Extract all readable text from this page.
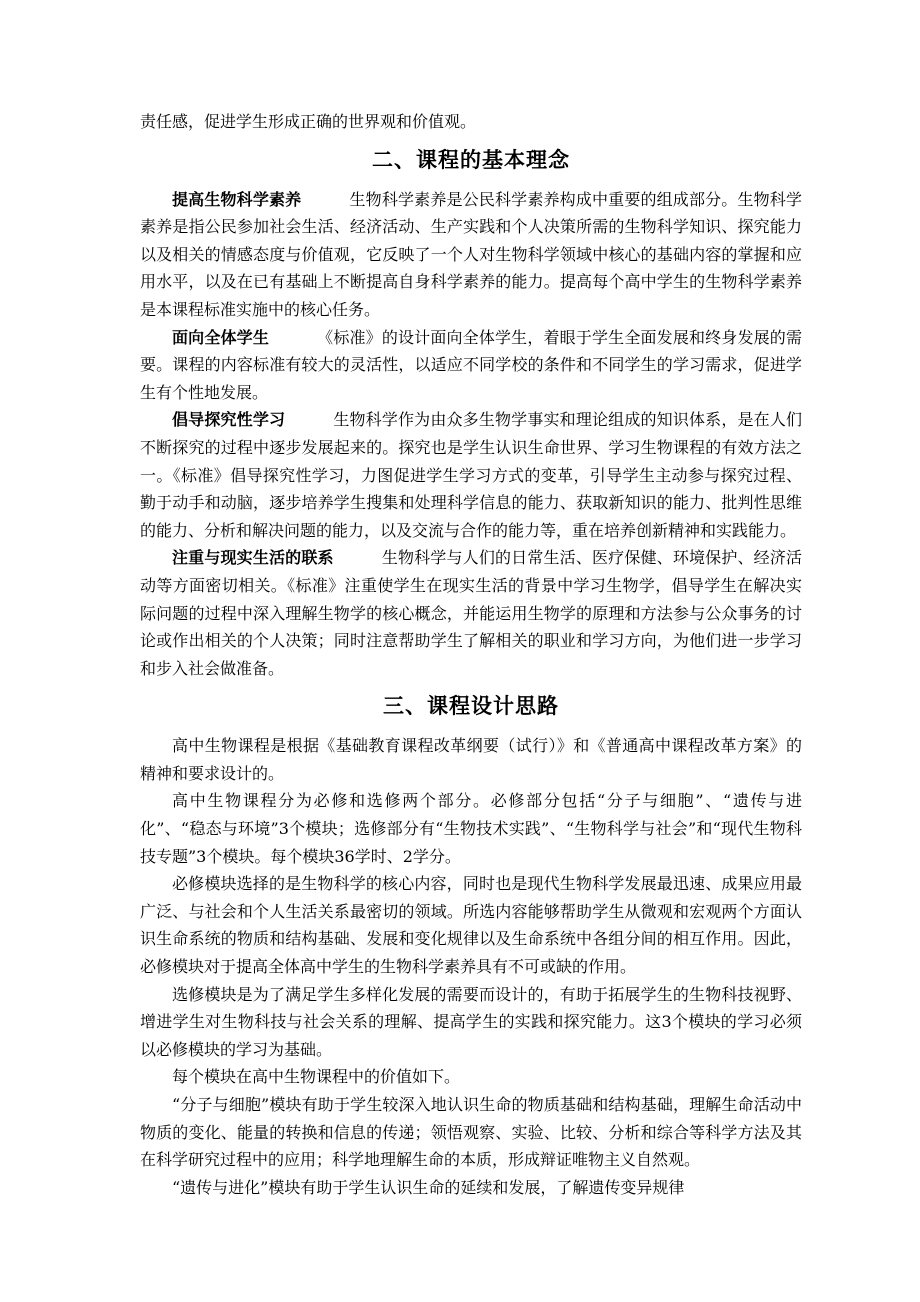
责任感，促进学生形成正确的世界观和价值观。

二、课程的基本理念

提高生物科学素养	生物科学素养是公民科学素养构成中重要的组成部分。生物科学素养是指公民参加社会生活、经济活动、生产实践和个人决策所需的生物科学知识、探究能力以及相关的情感态度与价值观，它反映了一个人对生物科学领域中核心的基础内容的掌握和应用水平，以及在已有基础上不断提高自身科学素养的能力。提高每个高中学生的生物科学素养是本课程标准实施中的核心任务。

面向全体学生	《标准》的设计面向全体学生，着眼于学生全面发展和终身发展的需要。课程的内容标准有较大的灵活性，以适应不同学校的条件和不同学生的学习需求，促进学生有个性地发展。

倡导探究性学习	生物科学作为由众多生物学事实和理论组成的知识体系，是在人们不断探究的过程中逐步发展起来的。探究也是学生认识生命世界、学习生物课程的有效方法之一。《标准》倡导探究性学习，力图促进学生学习方式的变革，引导学生主动参与探究过程、勤于动手和动脑，逐步培养学生搜集和处理科学信息的能力、获取新知识的能力、批判性思维的能力、分析和解决问题的能力，以及交流与合作的能力等，重在培养创新精神和实践能力。

注重与现实生活的联系	生物科学与人们的日常生活、医疗保健、环境保护、经济活动等方面密切相关。《标准》注重使学生在现实生活的背景中学习生物学，倡导学生在解决实际问题的过程中深入理解生物学的核心概念，并能运用生物学的原理和方法参与公众事务的讨论或作出相关的个人决策；同时注意帮助学生了解相关的职业和学习方向，为他们进一步学习和步入社会做准备。

三、课程设计思路

高中生物课程是根据《基础教育课程改革纲要（试行）》和《普通高中课程改革方案》的精神和要求设计的。

高中生物课程分为必修和选修两个部分。必修部分包括“分子与细胞”、“遗传与进化”、“稳态与环境”3个模块；选修部分有“生物技术实践”、“生物科学与社会”和“现代生物科技专题”3个模块。每个模块36学时、2学分。

必修模块选择的是生物科学的核心内容，同时也是现代生物科学发展最迅速、成果应用最广泛、与社会和个人生活关系最密切的领域。所选内容能够帮助学生从微观和宏观两个方面认识生命系统的物质和结构基础、发展和变化规律以及生命系统中各组分间的相互作用。因此，必修模块对于提高全体高中学生的生物科学素养具有不可或缺的作用。

选修模块是为了满足学生多样化发展的需要而设计的，有助于拓展学生的生物科技视野、增进学生对生物科技与社会关系的理解、提高学生的实践和探究能力。这3个模块的学习必须以必修模块的学习为基础。

每个模块在高中生物课程中的价值如下。

“分子与细胞”模块有助于学生较深入地认识生命的物质基础和结构基础，理解生命活动中物质的变化、能量的转换和信息的传递；领悟观察、实验、比较、分析和综合等科学方法及其在科学研究过程中的应用；科学地理解生命的本质，形成辩证唯物主义自然观。

“遗传与进化”模块有助于学生认识生命的延续和发展，了解遗传变异规律
